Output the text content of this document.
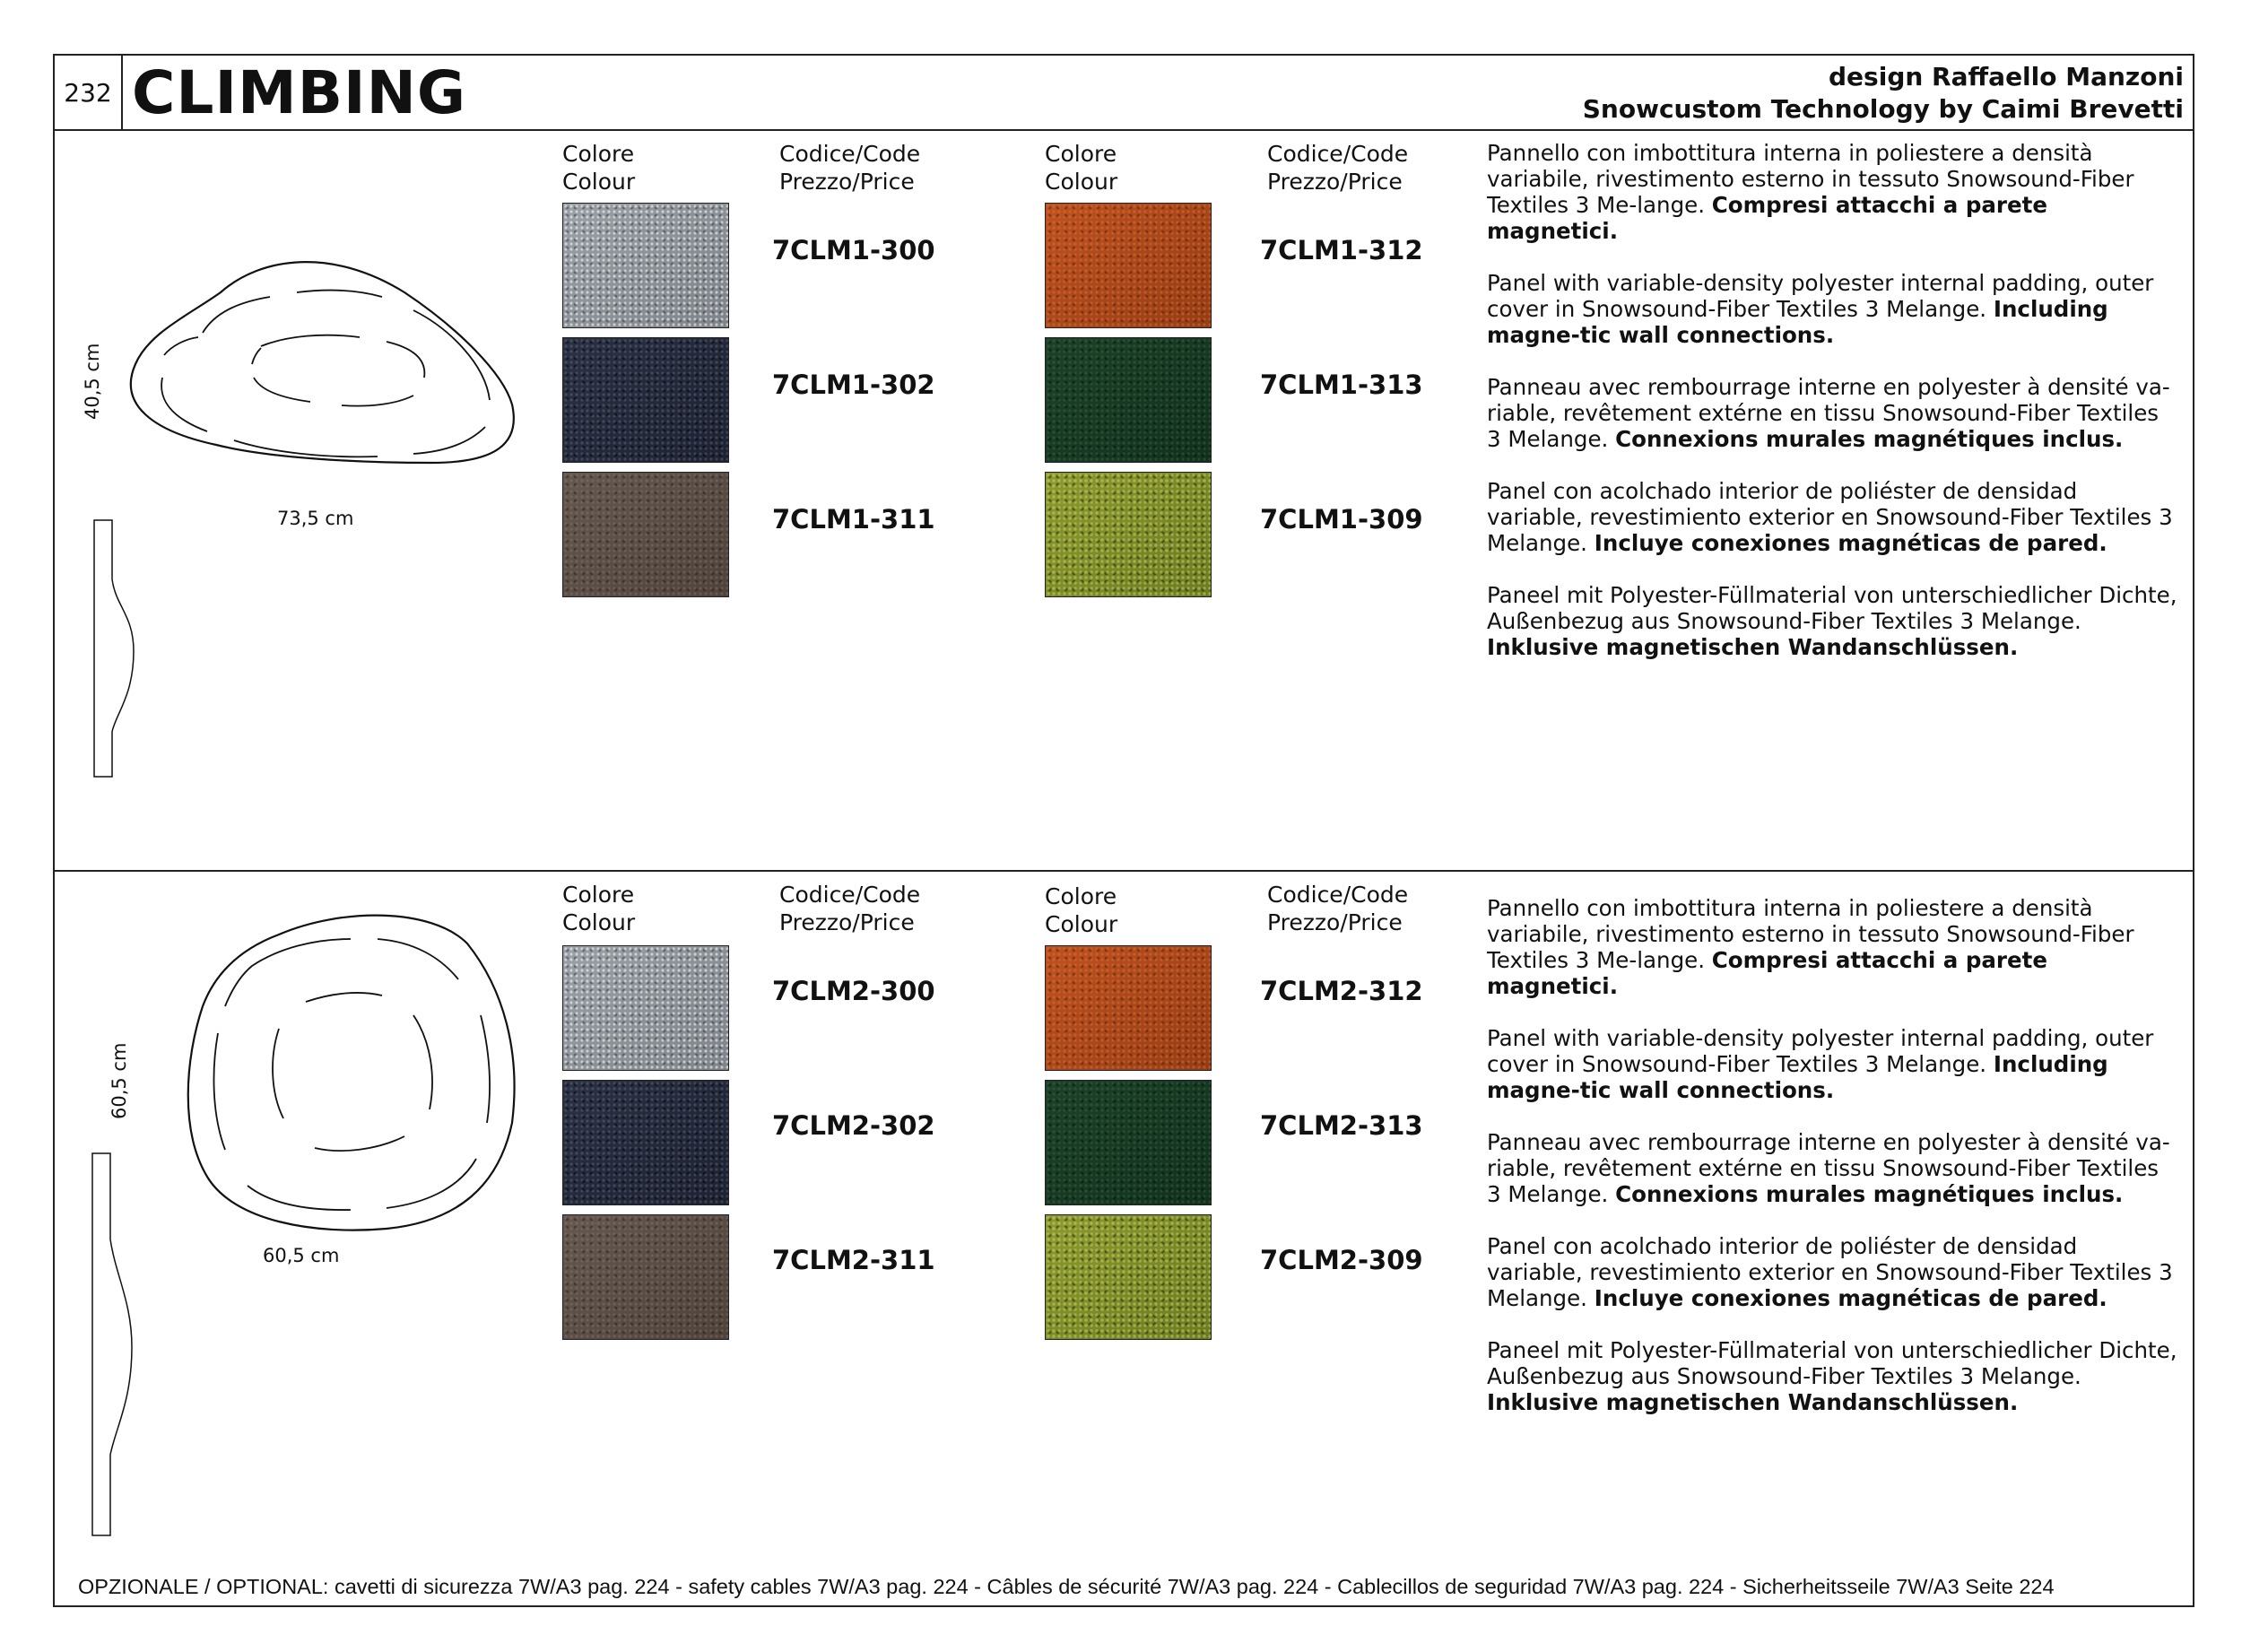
232 CLIMBING	design Raffaello Manzoni
Snowcustom Technology by Caimi Brevetti
40,5 cm
73,5 cm
Colore
Colour
Codice/Code
Prezzo/Price
Colore
Colour
Codice/Code
Prezzo/Price
7CLM1-300
7CLM1-302
7CLM1-311
7CLM1-312
7CLM1-313
7CLM1-309

Pannello con imbottitura interna in poliestere a densità variabile, rivestimento esterno in tessuto Snowsound-Fiber Textiles 3 Me-lange. Compresi attacchi a parete magnetici.

Panel with variable-density polyester internal padding, outer cover in Snowsound-Fiber Textiles 3 Melange. Including magne-tic wall connections.

Panneau avec rembourrage interne en polyester à densité va-riable, revêtement extérne en tissu Snowsound-Fiber Textiles 3 Melange. Connexions murales magnétiques inclus.

Panel con acolchado interior de poliéster de densidad variable, revestimiento exterior en Snowsound-Fiber Textiles 3 Melange. Incluye conexiones magnéticas de pared.

Paneel mit Polyester-Füllmaterial von unterschiedlicher Dichte, Außenbezug aus Snowsound-Fiber Textiles 3 Melange. Inklusive magnetischen Wandanschlüssen.

60,5 cm
60,5 cm
Colore
Colour
Codice/Code
Prezzo/Price
Colore
Colour
Codice/Code
Prezzo/Price
7CLM2-300
7CLM2-302
7CLM2-311
7CLM2-312
7CLM2-313
7CLM2-309

Pannello con imbottitura interna in poliestere a densità variabile, rivestimento esterno in tessuto Snowsound-Fiber Textiles 3 Me-lange. Compresi attacchi a parete magnetici.

Panel with variable-density polyester internal padding, outer cover in Snowsound-Fiber Textiles 3 Melange. Including magne-tic wall connections.

Panneau avec rembourrage interne en polyester à densité va-riable, revêtement extérne en tissu Snowsound-Fiber Textiles 3 Melange. Connexions murales magnétiques inclus.

Panel con acolchado interior de poliéster de densidad variable, revestimiento exterior en Snowsound-Fiber Textiles 3 Melange. Incluye conexiones magnéticas de pared.

Paneel mit Polyester-Füllmaterial von unterschiedlicher Dichte, Außenbezug aus Snowsound-Fiber Textiles 3 Melange. Inklusive magnetischen Wandanschlüssen.

OPZIONALE / OPTIONAL: cavetti di sicurezza 7W/A3 pag. 224 - safety cables 7W/A3 pag. 224 - Câbles de sécurité 7W/A3 pag. 224 - Cablecillos de seguridad 7W/A3 pag. 224 - Sicherheitsseile 7W/A3 Seite 224
